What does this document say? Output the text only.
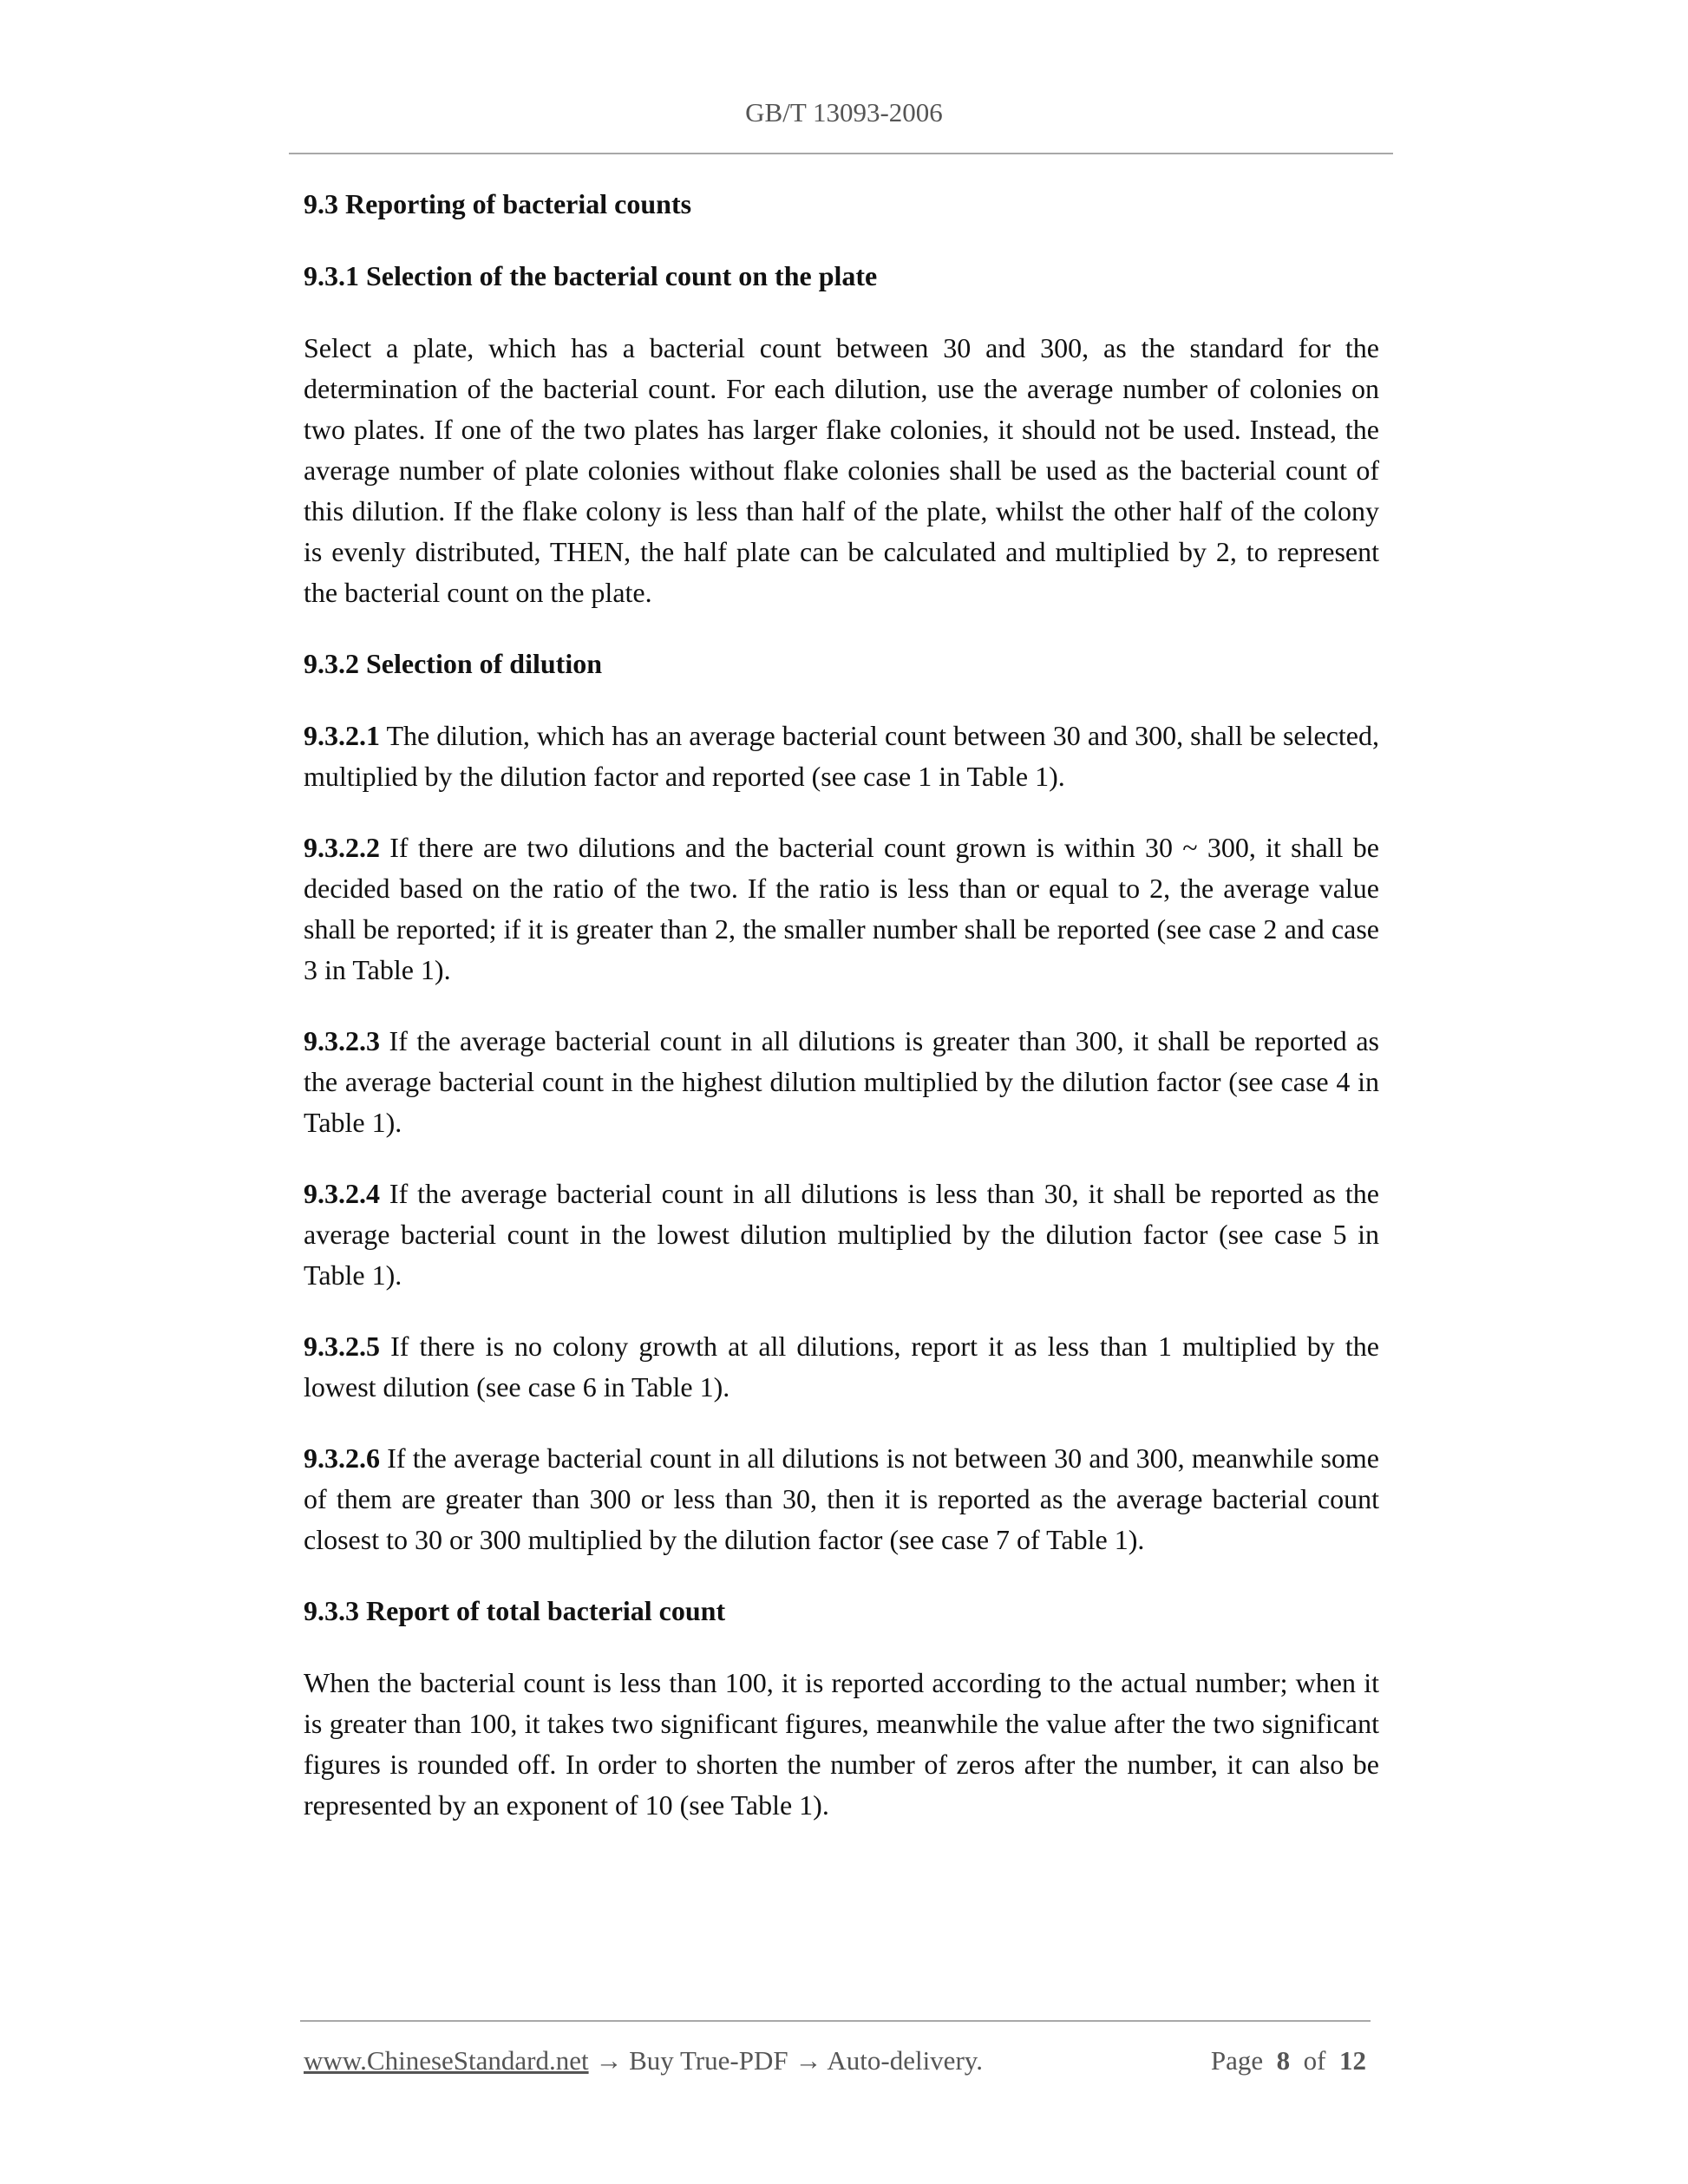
GB/T 13093-2006

9.3 Reporting of bacterial counts

9.3.1 Selection of the bacterial count on the plate

Select a plate, which has a bacterial count between 30 and 300, as the standard for the determination of the bacterial count. For each dilution, use the average number of colonies on two plates. If one of the two plates has larger flake colonies, it should not be used. Instead, the average number of plate colonies without flake colonies shall be used as the bacterial count of this dilution. If the flake colony is less than half of the plate, whilst the other half of the colony is evenly distributed, THEN, the half plate can be calculated and multiplied by 2, to represent the bacterial count on the plate.

9.3.2 Selection of dilution

9.3.2.1 The dilution, which has an average bacterial count between 30 and 300, shall be selected, multiplied by the dilution factor and reported (see case 1 in Table 1).

9.3.2.2 If there are two dilutions and the bacterial count grown is within 30 ~ 300, it shall be decided based on the ratio of the two. If the ratio is less than or equal to 2, the average value shall be reported; if it is greater than 2, the smaller number shall be reported (see case 2 and case 3 in Table 1).

9.3.2.3 If the average bacterial count in all dilutions is greater than 300, it shall be reported as the average bacterial count in the highest dilution multiplied by the dilution factor (see case 4 in Table 1).

9.3.2.4 If the average bacterial count in all dilutions is less than 30, it shall be reported as the average bacterial count in the lowest dilution multiplied by the dilution factor (see case 5 in Table 1).

9.3.2.5 If there is no colony growth at all dilutions, report it as less than 1 multiplied by the lowest dilution (see case 6 in Table 1).

9.3.2.6 If the average bacterial count in all dilutions is not between 30 and 300, meanwhile some of them are greater than 300 or less than 30, then it is reported as the average bacterial count closest to 30 or 300 multiplied by the dilution factor (see case 7 of Table 1).

9.3.3 Report of total bacterial count

When the bacterial count is less than 100, it is reported according to the actual number; when it is greater than 100, it takes two significant figures, meanwhile the value after the two significant figures is rounded off. In order to shorten the number of zeros after the number, it can also be represented by an exponent of 10 (see Table 1).

www.ChineseStandard.net → Buy True-PDF → Auto-delivery.	Page 8 of 12
